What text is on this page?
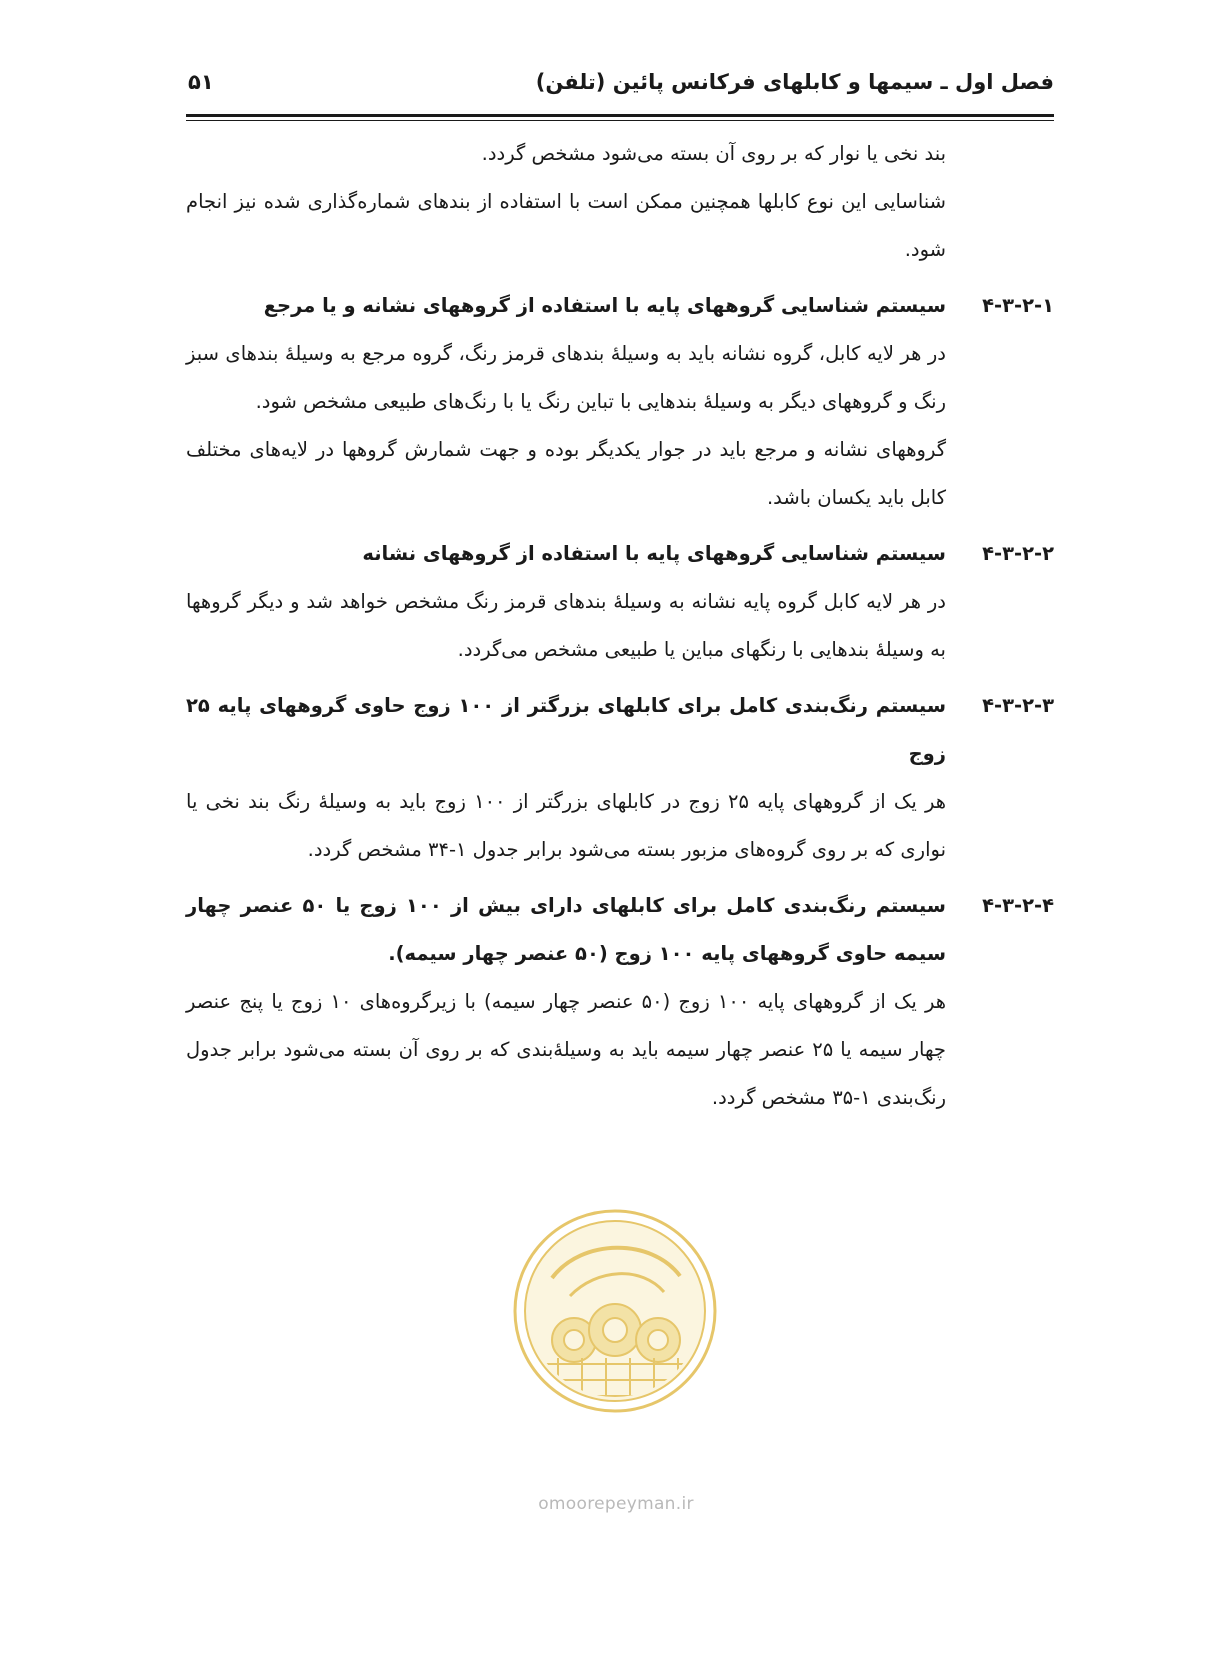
فصل اول ـ سیمها و کابلهای فرکانس پائین (تلفن)
۵۱
بند نخی یا نوار که بر روی آن بسته می‌شود مشخص گردد.
شناسایی این نوع کابلها همچنین ممکن است با استفاده از بندهای شماره‌گذاری شده نیز انجام شود.
۴-۳-۲-۱
سیستم شناسایی گروههای پایه با استفاده از گروههای نشانه و یا مرجع
در هر لایه کابل، گروه نشانه باید به وسیلهٔ بندهای قرمز رنگ، گروه مرجع به وسیلهٔ بندهای سبز رنگ و گروههای دیگر به وسیلهٔ بندهایی با تباین رنگ یا با رنگ‌های طبیعی مشخص شود.
گروههای نشانه و مرجع باید در جوار یکدیگر بوده و جهت شمارش گروهها در لایه‌های مختلف کابل باید یکسان باشد.
۴-۳-۲-۲
سیستم شناسایی گروههای پایه با استفاده از گروههای نشانه
در هر لایه کابل گروه پایه نشانه به وسیلهٔ بندهای قرمز رنگ مشخص خواهد شد و دیگر گروهها به وسیلهٔ بندهایی با رنگهای مباین یا طبیعی مشخص می‌گردد.
۴-۳-۲-۳
سیستم رنگ‌بندی کامل برای کابلهای بزرگتر از ۱۰۰ زوج حاوی گروههای پایه ۲۵ زوج
هر یک از گروههای پایه ۲۵ زوج در کابلهای بزرگتر از ۱۰۰ زوج باید به وسیلهٔ رنگ بند نخی یا نواری که بر روی گروه‌های مزبور بسته می‌شود برابر جدول ۱-۳۴ مشخص گردد.
۴-۳-۲-۴
سیستم رنگ‌بندی کامل برای کابلهای دارای بیش از ۱۰۰ زوج یا ۵۰ عنصر چهار سیمه حاوی گروههای پایه ۱۰۰ زوج (۵۰ عنصر چهار سیمه).
هر یک از گروههای پایه ۱۰۰ زوج (۵۰ عنصر چهار سیمه) با زیرگروه‌های ۱۰ زوج یا پنج عنصر چهار سیمه یا ۲۵ عنصر چهار سیمه باید به وسیلهٔ‌بندی که بر روی آن بسته می‌شود برابر جدول رنگ‌بندی ۱-۳۵ مشخص گردد.
omoorepeyman.ir
